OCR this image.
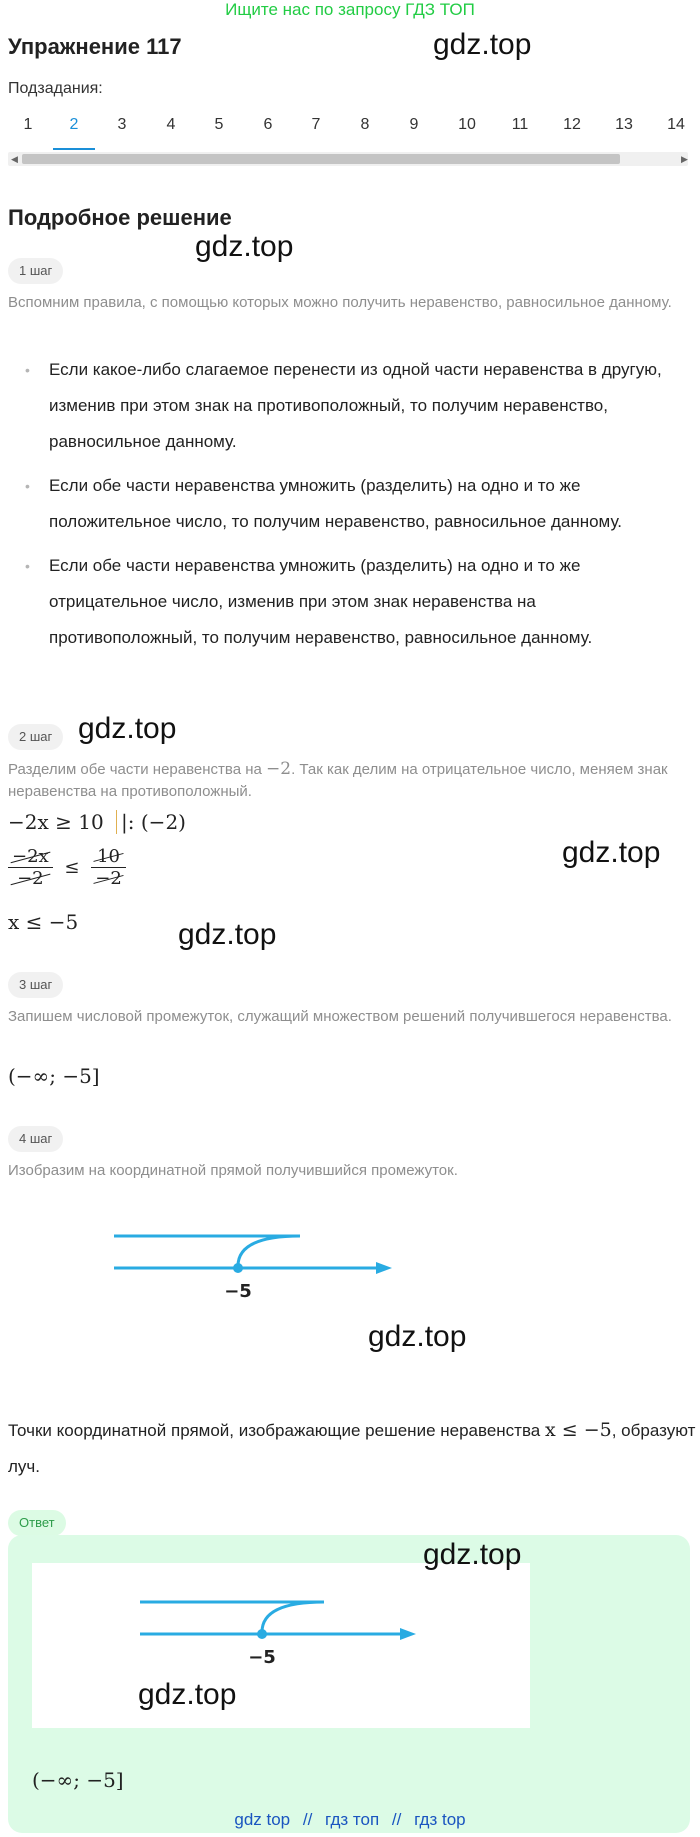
Ищите нас по запросу ГДЗ ТОП
Упражнение 117	gdz.top
Подзадания:
1	2	3	4	5	6	7	8	9	10	11	12	13	14
◀	▶
Подробное решение
gdz.top
1 шаг
Вспомним правила, с помощью которых можно получить неравенство, равносильное данному.
• Если какое-либо слагаемое перенести из одной части неравенства в другую, изменив при этом знак на противоположный, то получим неравенство, равносильное данному.
• Если обе части неравенства умножить (разделить) на одно и то же положительное число, то получим неравенство, равносильное данному.
• Если обе части неравенства умножить (разделить) на одно и то же отрицательное число, изменив при этом знак неравенства на противоположный, то получим неравенство, равносильное данному.
2 шаг gdz.top
Разделим обе части неравенства на −2. Так как делим на отрицательное число, меняем знак неравенства на противоположный.
−2x ≥ 10 |: (−2)
$\frac{-2x}{-2} \le \frac{10}{-2}$	gdz.top
x ≤ −5	gdz.top
3 шаг
Запишем числовой промежуток, служащий множеством решений получившегося неравенства.
(−∞; −5]
4 шаг
Изобразим на координатной прямой получившийся промежуток.
−5
gdz.top
Точки координатной прямой, изображающие решение неравенства x ≤ −5, образуют луч.
Ответ
gdz.top
−5
gdz.top
(−∞; −5]
gdz top // гдз топ // гдз top
